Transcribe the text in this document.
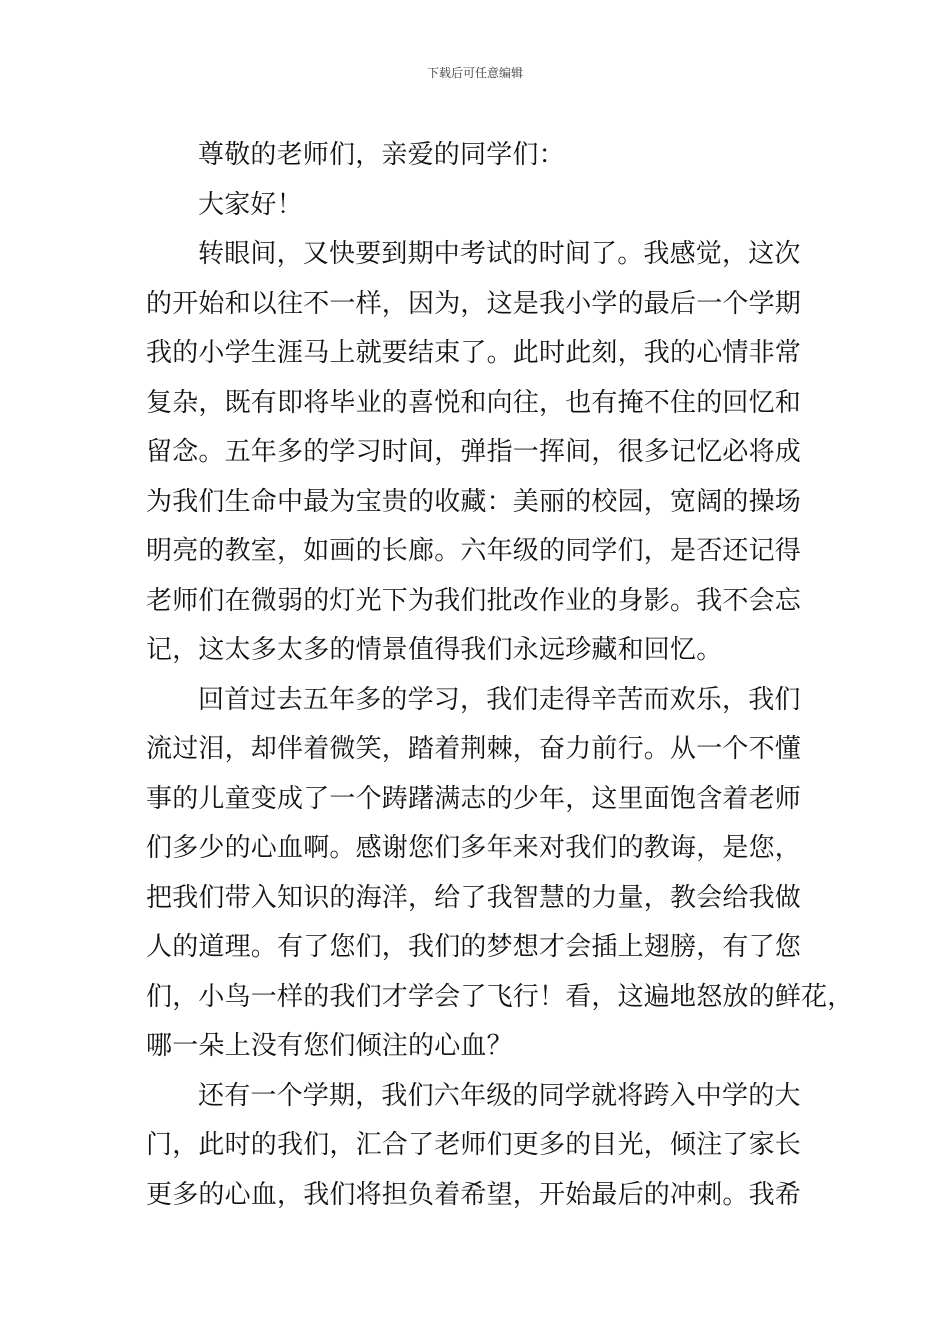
下载后可任意编辑
尊敬的老师们，亲爱的同学们：
大家好！
转眼间，又快要到期中考试的时间了。我感觉，这次
的开始和以往不一样，因为，这是我小学的最后一个学期
我的小学生涯马上就要结束了。此时此刻，我的心情非常
复杂，既有即将毕业的喜悦和向往，也有掩不住的回忆和
留念。五年多的学习时间，弹指一挥间，很多记忆必将成
为我们生命中最为宝贵的收藏：美丽的校园，宽阔的操场
明亮的教室，如画的长廊。六年级的同学们，是否还记得
老师们在微弱的灯光下为我们批改作业的身影。我不会忘
记，这太多太多的情景值得我们永远珍藏和回忆。
回首过去五年多的学习，我们走得辛苦而欢乐，我们
流过泪，却伴着微笑，踏着荆棘，奋力前行。从一个不懂
事的儿童变成了一个踌躇满志的少年，这里面饱含着老师
们多少的心血啊。感谢您们多年来对我们的教诲，是您，
把我们带入知识的海洋，给了我智慧的力量，教会给我做
人的道理。有了您们，我们的梦想才会插上翅膀，有了您
们，小鸟一样的我们才学会了飞行！看，这遍地怒放的鲜花，
哪一朵上没有您们倾注的心血？
还有一个学期，我们六年级的同学就将跨入中学的大
门，此时的我们，汇合了老师们更多的目光，倾注了家长
更多的心血，我们将担负着希望，开始最后的冲刺。我希
